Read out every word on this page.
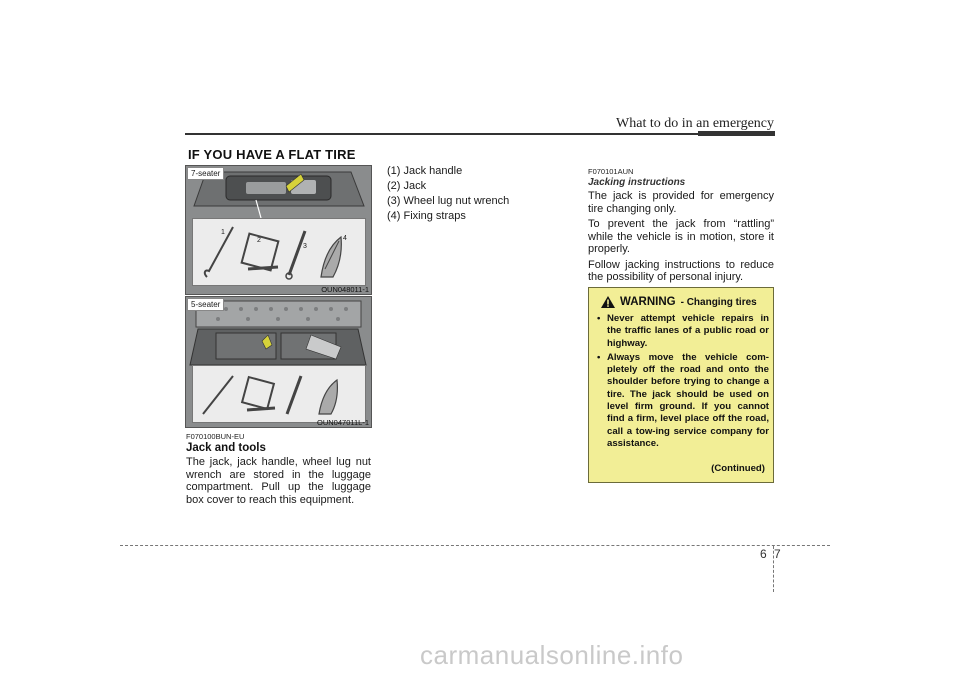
What to do in an emergency
IF YOU HAVE A FLAT TIRE
1
2
3
4
7-seater
OUN048011-1
5-seater
OUN047011L-1
F070100BUN-EU
Jack and tools
The jack, jack handle, wheel lug nut wrench are stored in the luggage compartment. Pull up the luggage box cover to reach this equipment.
(1) Jack handle
(2) Jack
(3) Wheel lug nut wrench
(4) Fixing straps
F070101AUN
Jacking instructions
The jack is provided for emergency tire changing only.
To prevent the jack from “rattling” while the vehicle is in motion, store it properly.
Follow jacking instructions to reduce the possibility of personal injury.
WARNING - Changing tires
• Never attempt vehicle repairs in the traffic lanes of a public road or highway.
• Always move the vehicle com-pletely off the road and onto the shoulder before trying to change a tire. The jack should be used on level firm ground. If you cannot find a firm, level place off the road, call a tow-ing service company for assistance.
(Continued)
6 7
carmanualsonline.info
